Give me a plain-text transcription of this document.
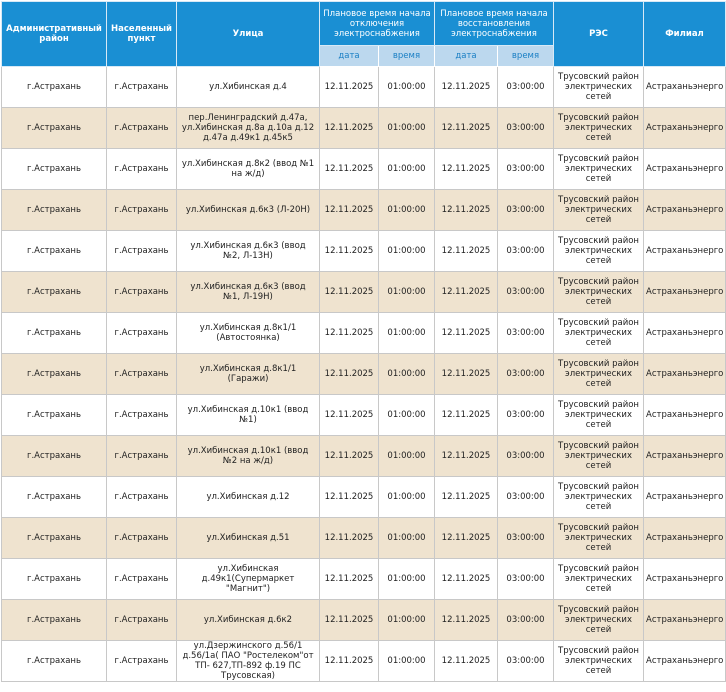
Административный район	Населенный пункт	Улица	Плановое время начала отключения электроснабжения		Плановое время начала восстановления электроснабжения		РЭС	Филиал
			дата	время	дата	время		
г.Астрахань	г.Астрахань	ул.Хибинская д.4	12.11.2025	01:00:00	12.11.2025	03:00:00	Трусовский район электрических сетей	Астраханьэнерго
г.Астрахань	г.Астрахань	пер.Ленинградский д.47а, ул.Хибинская д.8а д.10а д.12 д.47а д.49к1 д.45к5	12.11.2025	01:00:00	12.11.2025	03:00:00	Трусовский район электрических сетей	Астраханьэнерго
г.Астрахань	г.Астрахань	ул.Хибинская д.8к2 (ввод №1 на ж/д)	12.11.2025	01:00:00	12.11.2025	03:00:00	Трусовский район электрических сетей	Астраханьэнерго
г.Астрахань	г.Астрахань	ул.Хибинская д.6к3 (Л-20Н)	12.11.2025	01:00:00	12.11.2025	03:00:00	Трусовский район электрических сетей	Астраханьэнерго
г.Астрахань	г.Астрахань	ул.Хибинская д.6к3 (ввод №2, Л-13Н)	12.11.2025	01:00:00	12.11.2025	03:00:00	Трусовский район электрических сетей	Астраханьэнерго
г.Астрахань	г.Астрахань	ул.Хибинская д.6к3 (ввод №1, Л-19Н)	12.11.2025	01:00:00	12.11.2025	03:00:00	Трусовский район электрических сетей	Астраханьэнерго
г.Астрахань	г.Астрахань	ул.Хибинская д.8к1/1 (Автостоянка)	12.11.2025	01:00:00	12.11.2025	03:00:00	Трусовский район электрических сетей	Астраханьэнерго
г.Астрахань	г.Астрахань	ул.Хибинская д.8к1/1 (Гаражи)	12.11.2025	01:00:00	12.11.2025	03:00:00	Трусовский район электрических сетей	Астраханьэнерго
г.Астрахань	г.Астрахань	ул.Хибинская д.10к1 (ввод №1)	12.11.2025	01:00:00	12.11.2025	03:00:00	Трусовский район электрических сетей	Астраханьэнерго
г.Астрахань	г.Астрахань	ул.Хибинская д.10к1 (ввод №2 на ж/д)	12.11.2025	01:00:00	12.11.2025	03:00:00	Трусовский район электрических сетей	Астраханьэнерго
г.Астрахань	г.Астрахань	ул.Хибинская д.12	12.11.2025	01:00:00	12.11.2025	03:00:00	Трусовский район электрических сетей	Астраханьэнерго
г.Астрахань	г.Астрахань	ул.Хибинская д.51	12.11.2025	01:00:00	12.11.2025	03:00:00	Трусовский район электрических сетей	Астраханьэнерго
г.Астрахань	г.Астрахань	ул.Хибинская д.49к1(Супермаркет "Магнит")	12.11.2025	01:00:00	12.11.2025	03:00:00	Трусовский район электрических сетей	Астраханьэнерго
г.Астрахань	г.Астрахань	ул.Хибинская д.6к2	12.11.2025	01:00:00	12.11.2025	03:00:00	Трусовский район электрических сетей	Астраханьэнерго
г.Астрахань	г.Астрахань	ул.Дзержинского д.56/1 д.56/1а( ПАО "Ростелеком"от ТП- 627,ТП-892 ф.19 ПС Трусовская)	12.11.2025	01:00:00	12.11.2025	03:00:00	Трусовский район электрических сетей	Астраханьэнерго
